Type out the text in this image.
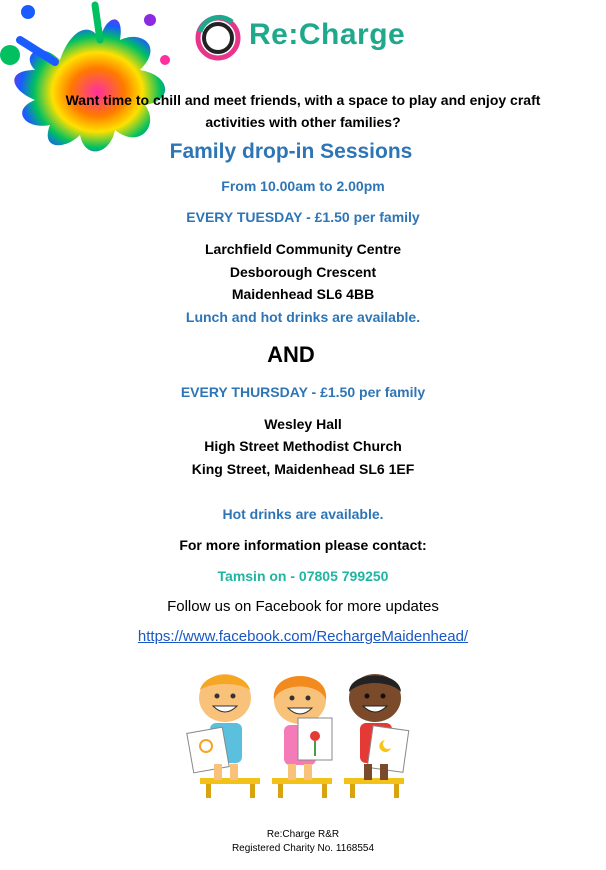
Re:Charge
Want time to chill and meet friends, with a space to play and enjoy craft
activities with other families?
Family drop-in Sessions
From 10.00am to 2.00pm
EVERY TUESDAY - £1.50 per family
Larchfield Community Centre
Desborough Crescent
Maidenhead SL6 4BB
Lunch and hot drinks are available.
AND
EVERY THURSDAY - £1.50 per family
Wesley Hall
High Street Methodist Church
King Street, Maidenhead SL6 1EF
Hot drinks are available.
For more information please contact:
Tamsin on - 07805 799250
Follow us on Facebook for more updates
https://www.facebook.com/RechargeMaidenhead/
Re:Charge R&R
Registered Charity No. 1168554
